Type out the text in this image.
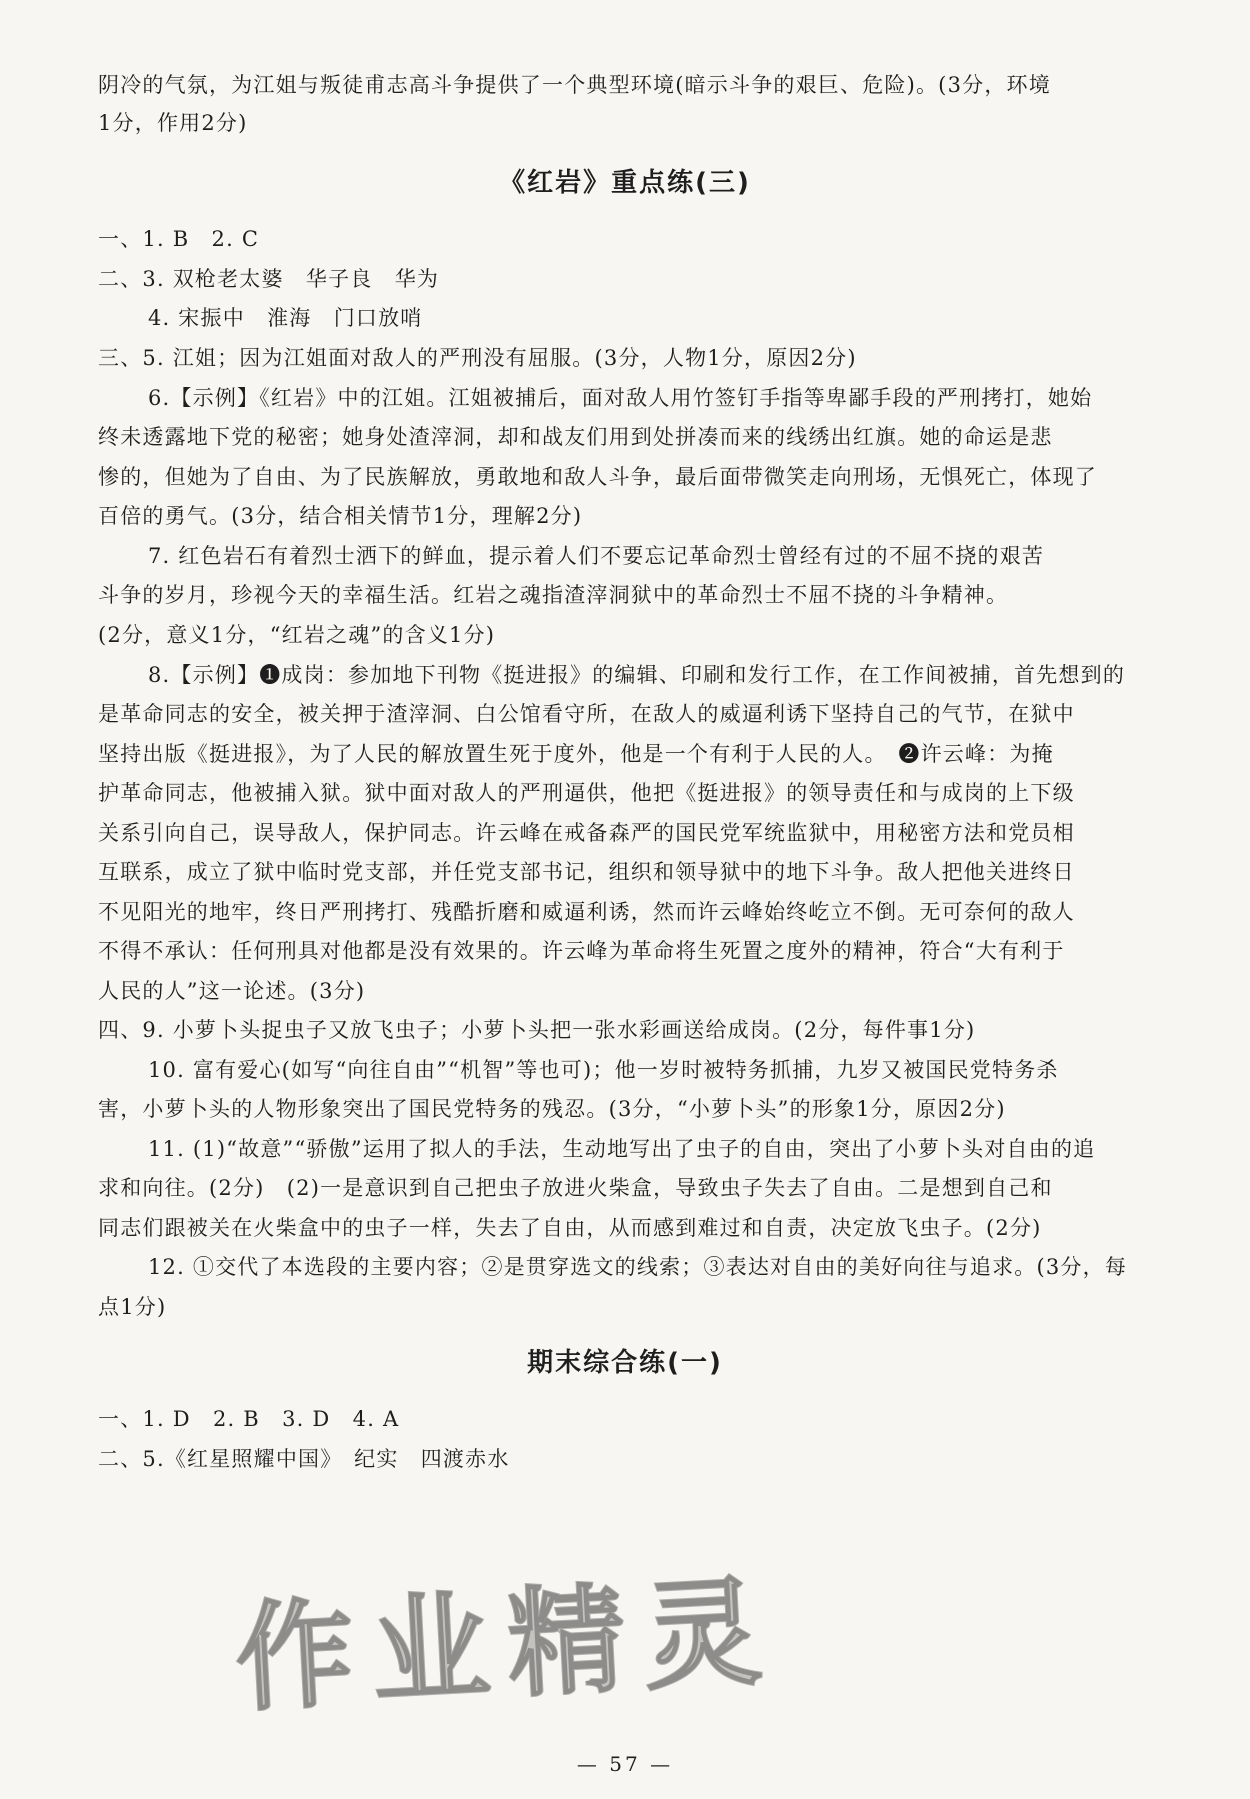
阴冷的气氛，为江姐与叛徒甫志高斗争提供了一个典型环境(暗示斗争的艰巨、危险)。(3分，环境
1分，作用2分)
《红岩》重点练(三)
一、1. B　2. C
二、3. 双枪老太婆　华子良　华为
4. 宋振中　淮海　门口放哨
三、5. 江姐；因为江姐面对敌人的严刑没有屈服。(3分，人物1分，原因2分)
6.【示例】《红岩》中的江姐。江姐被捕后，面对敌人用竹签钉手指等卑鄙手段的严刑拷打，她始
终未透露地下党的秘密；她身处渣滓洞，却和战友们用到处拼凑而来的线绣出红旗。她的命运是悲
惨的，但她为了自由、为了民族解放，勇敢地和敌人斗争，最后面带微笑走向刑场，无惧死亡，体现了
百倍的勇气。(3分，结合相关情节1分，理解2分)
7. 红色岩石有着烈士洒下的鲜血，提示着人们不要忘记革命烈士曾经有过的不屈不挠的艰苦
斗争的岁月，珍视今天的幸福生活。红岩之魂指渣滓洞狱中的革命烈士不屈不挠的斗争精神。
(2分，意义1分，“红岩之魂”的含义1分)
8.【示例】❶成岗：参加地下刊物《挺进报》的编辑、印刷和发行工作，在工作间被捕，首先想到的
是革命同志的安全，被关押于渣滓洞、白公馆看守所，在敌人的威逼利诱下坚持自己的气节，在狱中
坚持出版《挺进报》，为了人民的解放置生死于度外，他是一个有利于人民的人。　❷许云峰：为掩
护革命同志，他被捕入狱。狱中面对敌人的严刑逼供，他把《挺进报》的领导责任和与成岗的上下级
关系引向自己，误导敌人，保护同志。许云峰在戒备森严的国民党军统监狱中，用秘密方法和党员相
互联系，成立了狱中临时党支部，并任党支部书记，组织和领导狱中的地下斗争。敌人把他关进终日
不见阳光的地牢，终日严刑拷打、残酷折磨和威逼利诱，然而许云峰始终屹立不倒。无可奈何的敌人
不得不承认：任何刑具对他都是没有效果的。许云峰为革命将生死置之度外的精神，符合“大有利于
人民的人”这一论述。(3分)
四、9. 小萝卜头捉虫子又放飞虫子；小萝卜头把一张水彩画送给成岗。(2分，每件事1分)
10. 富有爱心(如写“向往自由”“机智”等也可)；他一岁时被特务抓捕，九岁又被国民党特务杀
害，小萝卜头的人物形象突出了国民党特务的残忍。(3分，“小萝卜头”的形象1分，原因2分)
11. (1)“故意”“骄傲”运用了拟人的手法，生动地写出了虫子的自由，突出了小萝卜头对自由的追
求和向往。(2分)　(2)一是意识到自己把虫子放进火柴盒，导致虫子失去了自由。二是想到自己和
同志们跟被关在火柴盒中的虫子一样，失去了自由，从而感到难过和自责，决定放飞虫子。(2分)
12. ①交代了本选段的主要内容；②是贯穿选文的线索；③表达对自由的美好向往与追求。(3分，每
点1分)
期末综合练(一)
一、1. D　2. B　3. D　4. A
二、5.《红星照耀中国》　纪实　四渡赤水
作业精灵
— 57 —
